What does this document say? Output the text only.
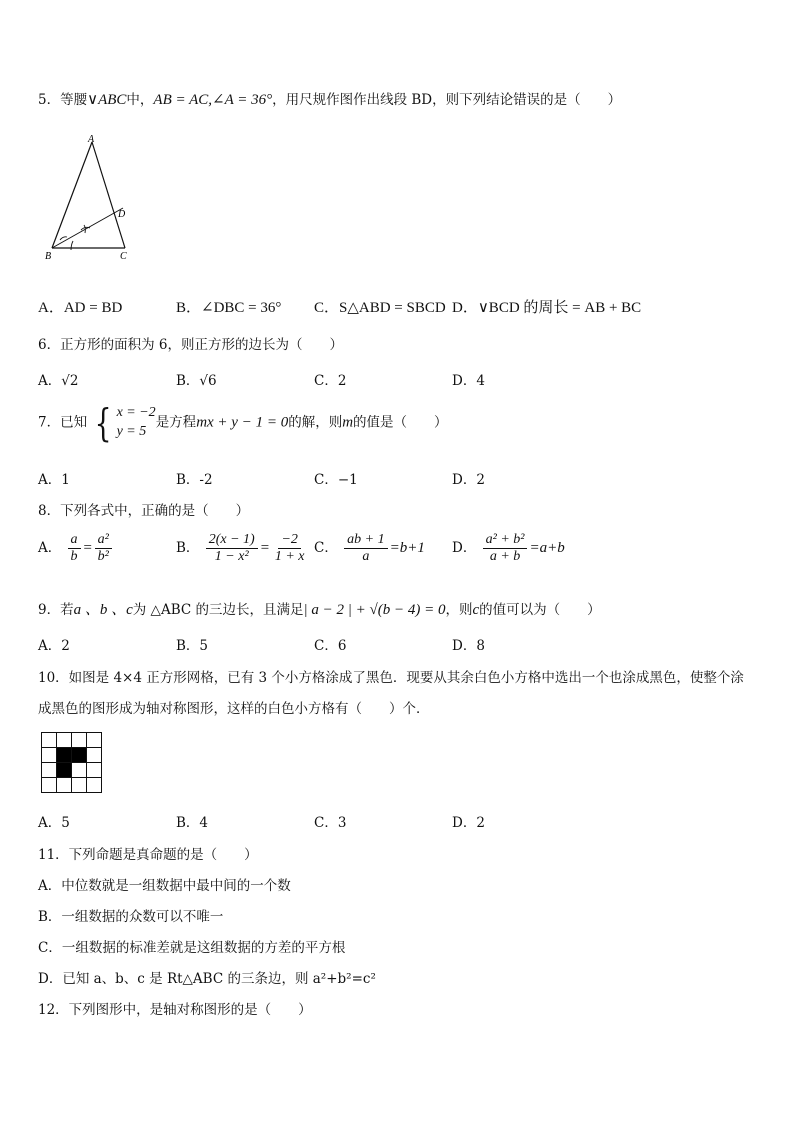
5．等腰∨ABC中，AB = AC,∠A = 36°，用尺规作图作出线段 BD，则下列结论错误的是（　　）
A
B	C
D
A．AD = BD	B．∠DBC = 36° C．S△ABD = SBCD D．∨BCD 的周长 = AB + BC
6．正方形的面积为 6，则正方形的边长为（　　）
A．√2	B．√6	C．2	D．4
7．已知 { x = −2
y = 5
是方程mx + y − 1 = 0的解，则m的值是（　　）
A．1	B．-2	C．−1	D．2
8．下列各式中，正确的是（　　）
A． $\frac{a}{b} = \frac{\text{a²}}{\text{b²}}$	B． $\frac{2(x - 1)}{\text{1 − x²}} = \frac{-2}{1 + x}$ C． $\frac{ab + 1}{a} =b+1$ D． $\frac{\text{a² + b²}}{a + b} =a+b$
9．若a 、b 、c为 △ABC 的三边长，且满足| a − 2 | + √(b − 4) = 0，则c的值可以为（　　）
A．2	B．5	C．6	D．8
10．如图是 4×4 正方形网格，已有 3 个小方格涂成了黑色．现要从其余白色小方格中选出一个也涂成黑色，使整个涂
成黑色的图形成为轴对称图形，这样的白色小方格有（　　）个．
A．5	B．4	C．3	D．2
11．下列命题是真命题的是（　　）
A．中位数就是一组数据中最中间的一个数
B．一组数据的众数可以不唯一
C．一组数据的标准差就是这组数据的方差的平方根
D．已知 a、b、c 是 Rt△ABC 的三条边，则 a²+b²=c²
12．下列图形中，是轴对称图形的是（　　）
